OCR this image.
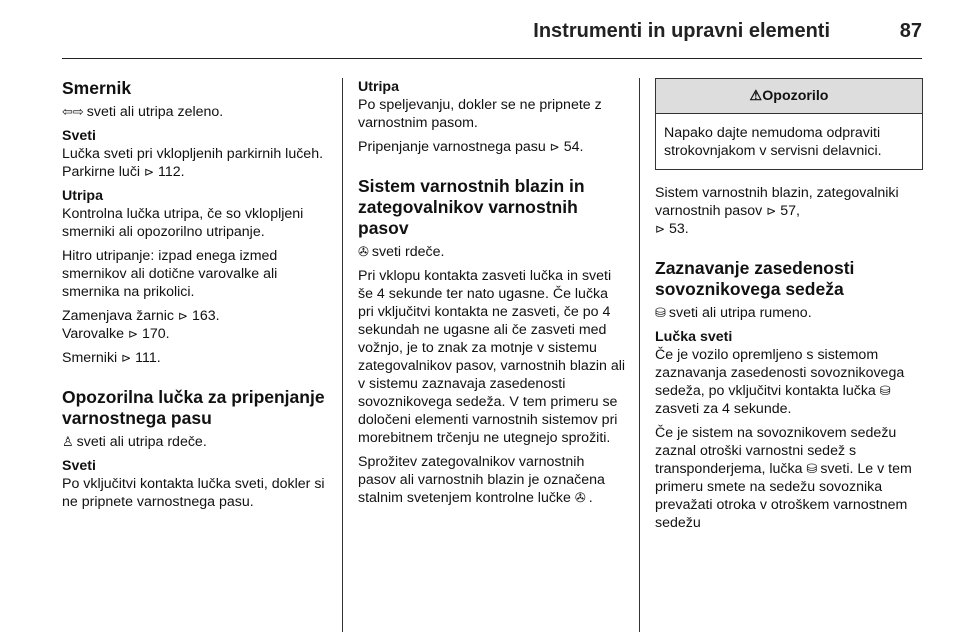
Instrumenti in upravni elementi	87
Smernik

⇦⇨ sveti ali utripa zeleno.

Sveti

Lučka sveti pri vklopljenih parkirnih lučeh. Parkirne luči ⊳ 112.

Utripa

Kontrolna lučka utripa, če so vklopljeni smerniki ali opozorilno utripanje.

Hitro utripanje: izpad enega izmed smernikov ali dotične varovalke ali smernika na prikolici.

Zamenjava žarnic ⊳ 163.
Varovalke ⊳ 170.

Smerniki ⊳ 111.

Opozorilna lučka za pripenjanje varnostnega pasu

♙ sveti ali utripa rdeče.

Sveti

Po vključitvi kontakta lučka sveti, dokler si ne pripnete varnostnega pasu.

Utripa

Po speljevanju, dokler se ne pripnete z varnostnim pasom.

Pripenjanje varnostnega pasu ⊳ 54.

Sistem varnostnih blazin in zategovalnikov varnostnih pasov

✇ sveti rdeče.

Pri vklopu kontakta zasveti lučka in sveti še 4 sekunde ter nato ugasne. Če lučka pri vključitvi kontakta ne zasveti, če po 4 sekundah ne ugasne ali če zasveti med vožnjo, je to znak za motnje v sistemu zategovalnikov pasov, varnostnih blazin ali v sistemu zaznavaja zasedenosti sovoznikovega sedeža. V tem primeru se določeni elementi varnostnih sistemov pri morebitnem trčenju ne utegnejo sprožiti.

Sprožitev zategovalnikov varnostnih pasov ali varnostnih blazin je označena stalnim svetenjem kontrolne lučke ✇ .

⚠Opozorilo
Napako dajte nemudoma odpraviti strokovnjakom v servisni delavnici.

Sistem varnostnih blazin, zategovalniki varnostnih pasov ⊳ 57,
⊳ 53.

Zaznavanje zasedenosti sovoznikovega sedeža

⛁ sveti ali utripa rumeno.

Lučka sveti

Če je vozilo opremljeno s sistemom zaznavanja zasedenosti sovoznikovega sedeža, po vključitvi kontakta lučka ⛁zasveti za 4 sekunde.

Če je sistem na sovoznikovem sedežu zaznal otroški varnostni sedež s transponderjema, lučka ⛁ sveti. Le v tem primeru smete na sedežu sovoznika prevažati otroka v otroškem varnostnem sedežu
